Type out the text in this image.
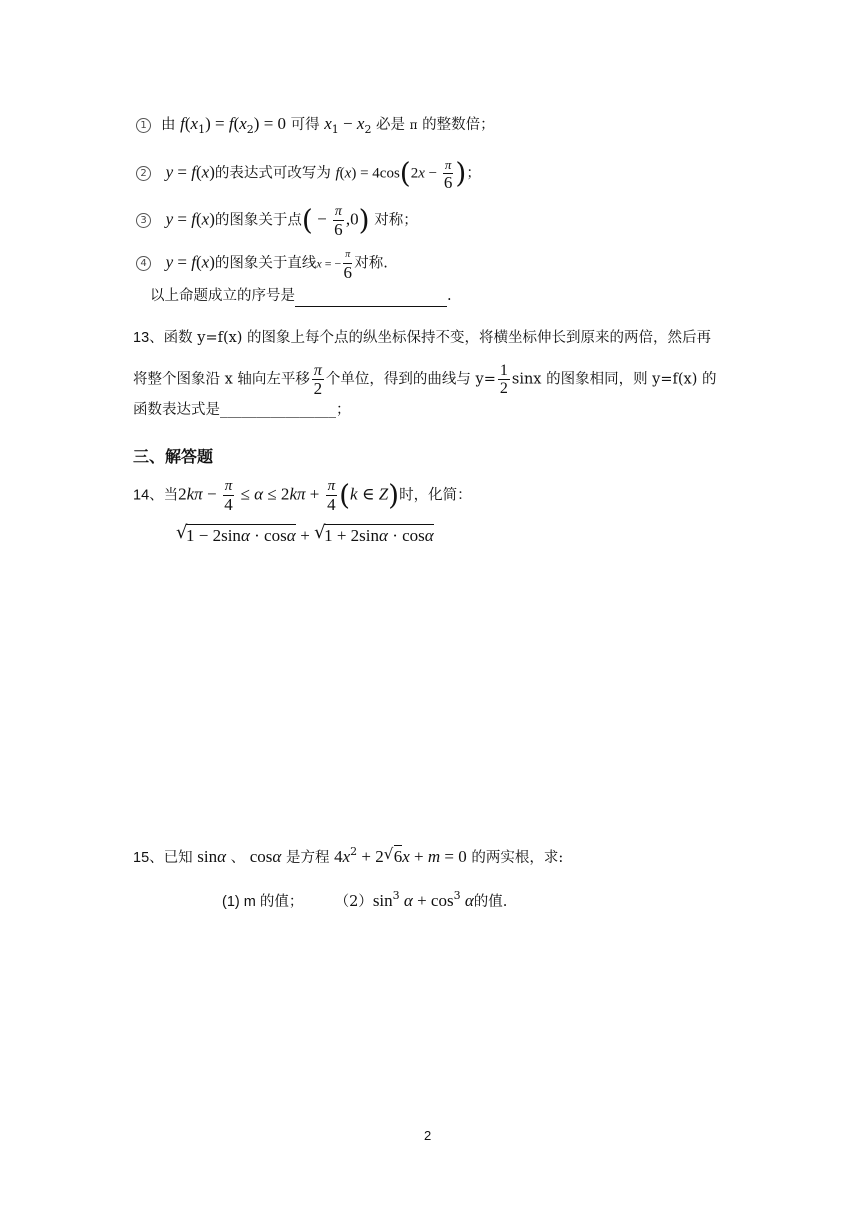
1 由 $f(x_1) = f(x_2) = 0$ 可得 $x_1 - x_2$ 必是 π 的整数倍；
2 y = f(x)的表达式可改写为 $f(x) = 4\cos(2x - \frac{\pi}{6}$ )；
3 y = f(x)的图象关于点( − $\frac{\pi}{6} ,0$) 对称；
4 y = f(x)的图象关于直线x = − $\frac{\pi}{6}$ 对称.
以上命题成立的序号是	.
13、函数 y=f(x) 的图象上每个点的纵坐标保持不变，将横坐标伸长到原来的两倍，然后再
将整个图象沿 x 轴向左平移 $\frac{\pi}{2}$ 个单位，得到的曲线与 $y= \frac{1}{2}$ sinx 的图象相同，则 y=f(x) 的
函数表达式是________________；
三、解答题
14、当$2k\pi - \frac{\pi}{4} \le \alpha \le 2k\pi + \frac{\pi}{4} (k$ ∈ Z)时，化简：
√
1 − 2sinα · cosα + √
1 + 2sinα · cosα
15、已知 sinα 、 cosα 是方程 $4x^2 + 2$ √ 6x + m = 0 的两实根，求:
(1) m 的值； $(2)\sin^3$ $\alpha + \cos^3 \alpha$的值.
2
